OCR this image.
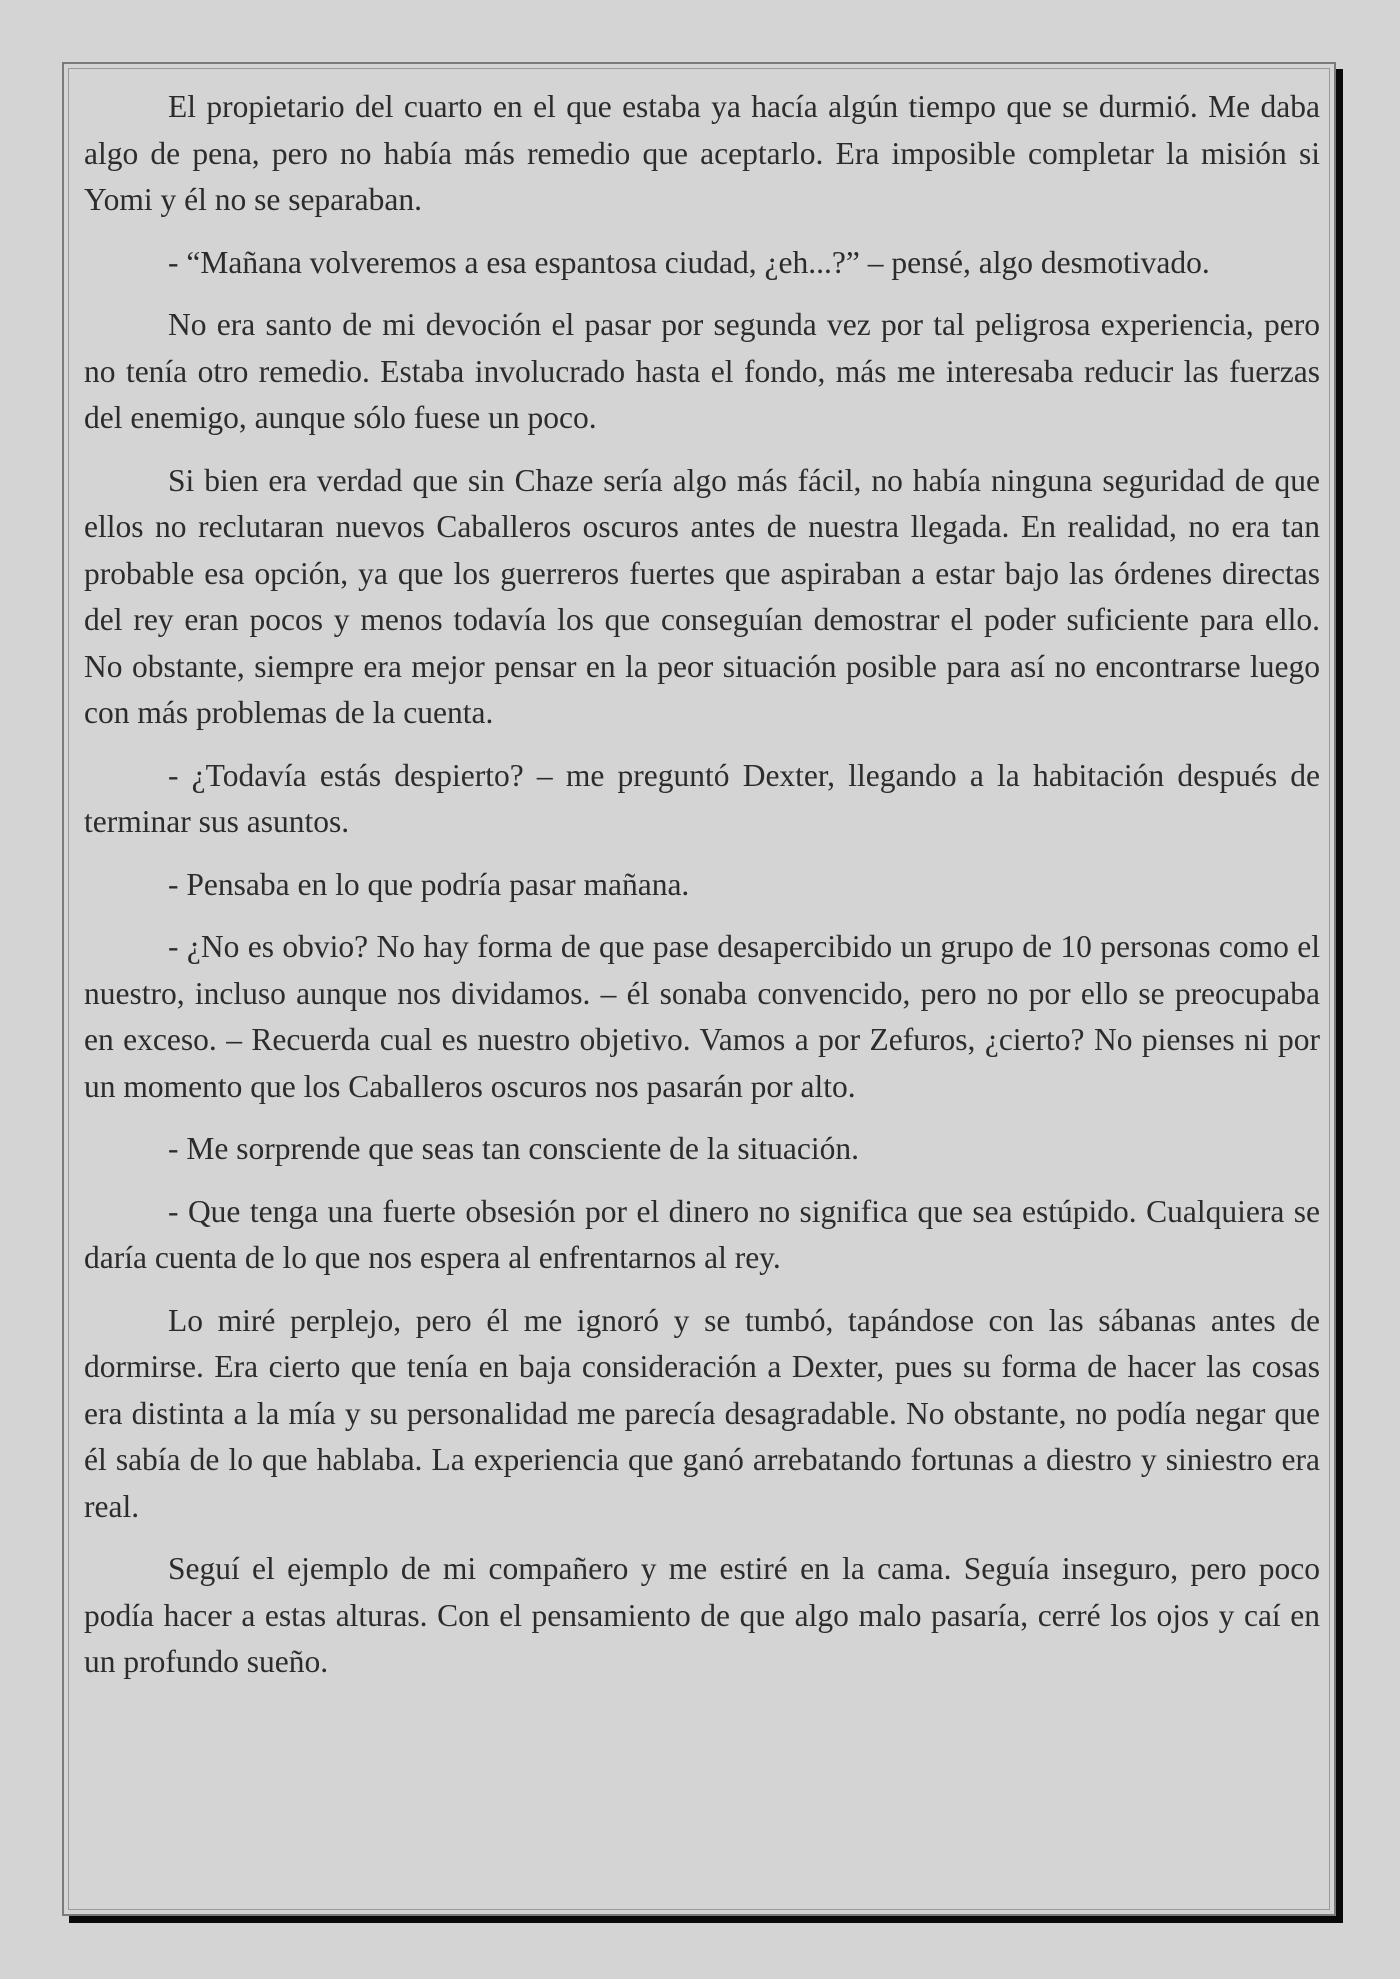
El propietario del cuarto en el que estaba ya hacía algún tiempo que se durmió. Me daba algo de pena, pero no había más remedio que aceptarlo. Era imposible completar la misión si Yomi y él no se separaban.

- “Mañana volveremos a esa espantosa ciudad, ¿eh...?” – pensé, algo desmotivado.

No era santo de mi devoción el pasar por segunda vez por tal peligrosa experiencia, pero no tenía otro remedio. Estaba involucrado hasta el fondo, más me interesaba reducir las fuerzas del enemigo, aunque sólo fuese un poco.

Si bien era verdad que sin Chaze sería algo más fácil, no había ninguna seguridad de que ellos no reclutaran nuevos Caballeros oscuros antes de nuestra llegada. En realidad, no era tan probable esa opción, ya que los guerreros fuertes que aspiraban a estar bajo las órdenes directas del rey eran pocos y menos todavía los que conseguían demostrar el poder suficiente para ello. No obstante, siempre era mejor pensar en la peor situación posible para así no encontrarse luego con más problemas de la cuenta.

- ¿Todavía estás despierto? – me preguntó Dexter, llegando a la habitación después de terminar sus asuntos.

- Pensaba en lo que podría pasar mañana.

- ¿No es obvio? No hay forma de que pase desapercibido un grupo de 10 personas como el nuestro, incluso aunque nos dividamos. – él sonaba convencido, pero no por ello se preocupaba en exceso. – Recuerda cual es nuestro objetivo. Vamos a por Zefuros, ¿cierto? No pienses ni por un momento que los Caballeros oscuros nos pasarán por alto.

- Me sorprende que seas tan consciente de la situación.

- Que tenga una fuerte obsesión por el dinero no significa que sea estúpido. Cualquiera se daría cuenta de lo que nos espera al enfrentarnos al rey.

Lo miré perplejo, pero él me ignoró y se tumbó, tapándose con las sábanas antes de dormirse. Era cierto que tenía en baja consideración a Dexter, pues su forma de hacer las cosas era distinta a la mía y su personalidad me parecía desagradable. No obstante, no podía negar que él sabía de lo que hablaba. La experiencia que ganó arrebatando fortunas a diestro y siniestro era real.

Seguí el ejemplo de mi compañero y me estiré en la cama. Seguía inseguro, pero poco podía hacer a estas alturas. Con el pensamiento de que algo malo pasaría, cerré los ojos y caí en un profundo sueño.
